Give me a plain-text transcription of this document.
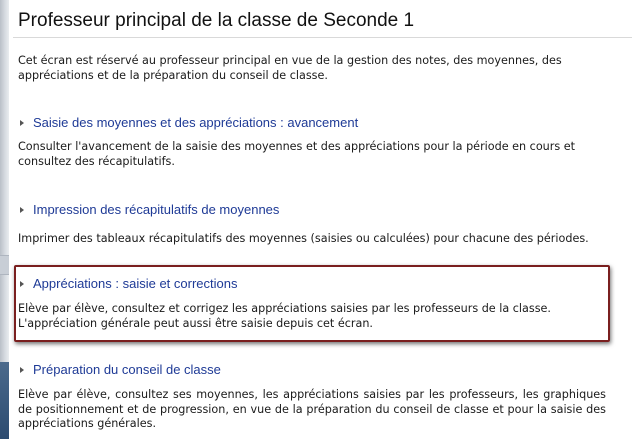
Professeur principal de la classe de Seconde 1

Cet écran est réservé au professeur principal en vue de la gestion des notes, des moyennes, des appréciations et de la préparation du conseil de classe.

Saisie des moyennes et des appréciations : avancement

Consulter l'avancement de la saisie des moyennes et des appréciations pour la période en cours et consultez des récapitulatifs.

Impression des récapitulatifs de moyennes

Imprimer des tableaux récapitulatifs des moyennes (saisies ou calculées) pour chacune des périodes.

Appréciations : saisie et corrections

Elève par élève, consultez et corrigez les appréciations saisies par les professeurs de la classe.
L'appréciation générale peut aussi être saisie depuis cet écran.

Préparation du conseil de classe

Elève par élève, consultez ses moyennes, les appréciations saisies par les professeurs, les graphiques de positionnement et de progression, en vue de la préparation du conseil de classe et pour la saisie des appréciations générales.
